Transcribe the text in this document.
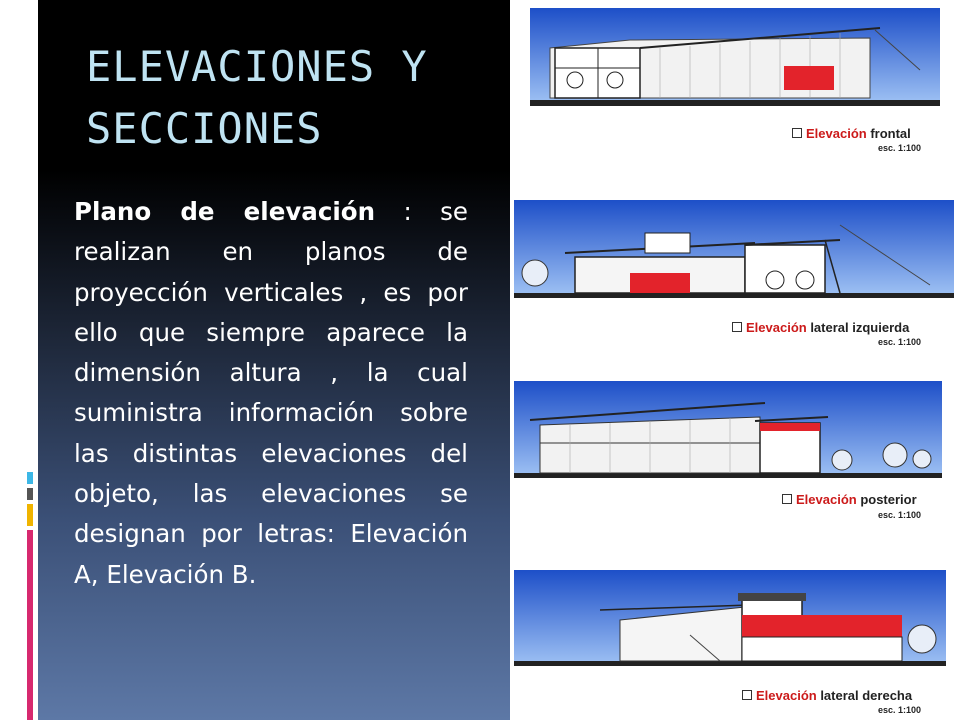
ELEVACIONES Y SECCIONES

Plano de elevación : se realizan en planos de proyección verticales , es por ello que siempre aparece la dimensión altura , la cual suministra información sobre las distintas elevaciones del objeto, las elevaciones se designan por letras: Elevación A, Elevación B.

Elevación frontal
esc. 1:100
Elevación lateral izquierda
esc. 1:100
Elevación posterior
esc. 1:100
Elevación lateral derecha
esc. 1:100
